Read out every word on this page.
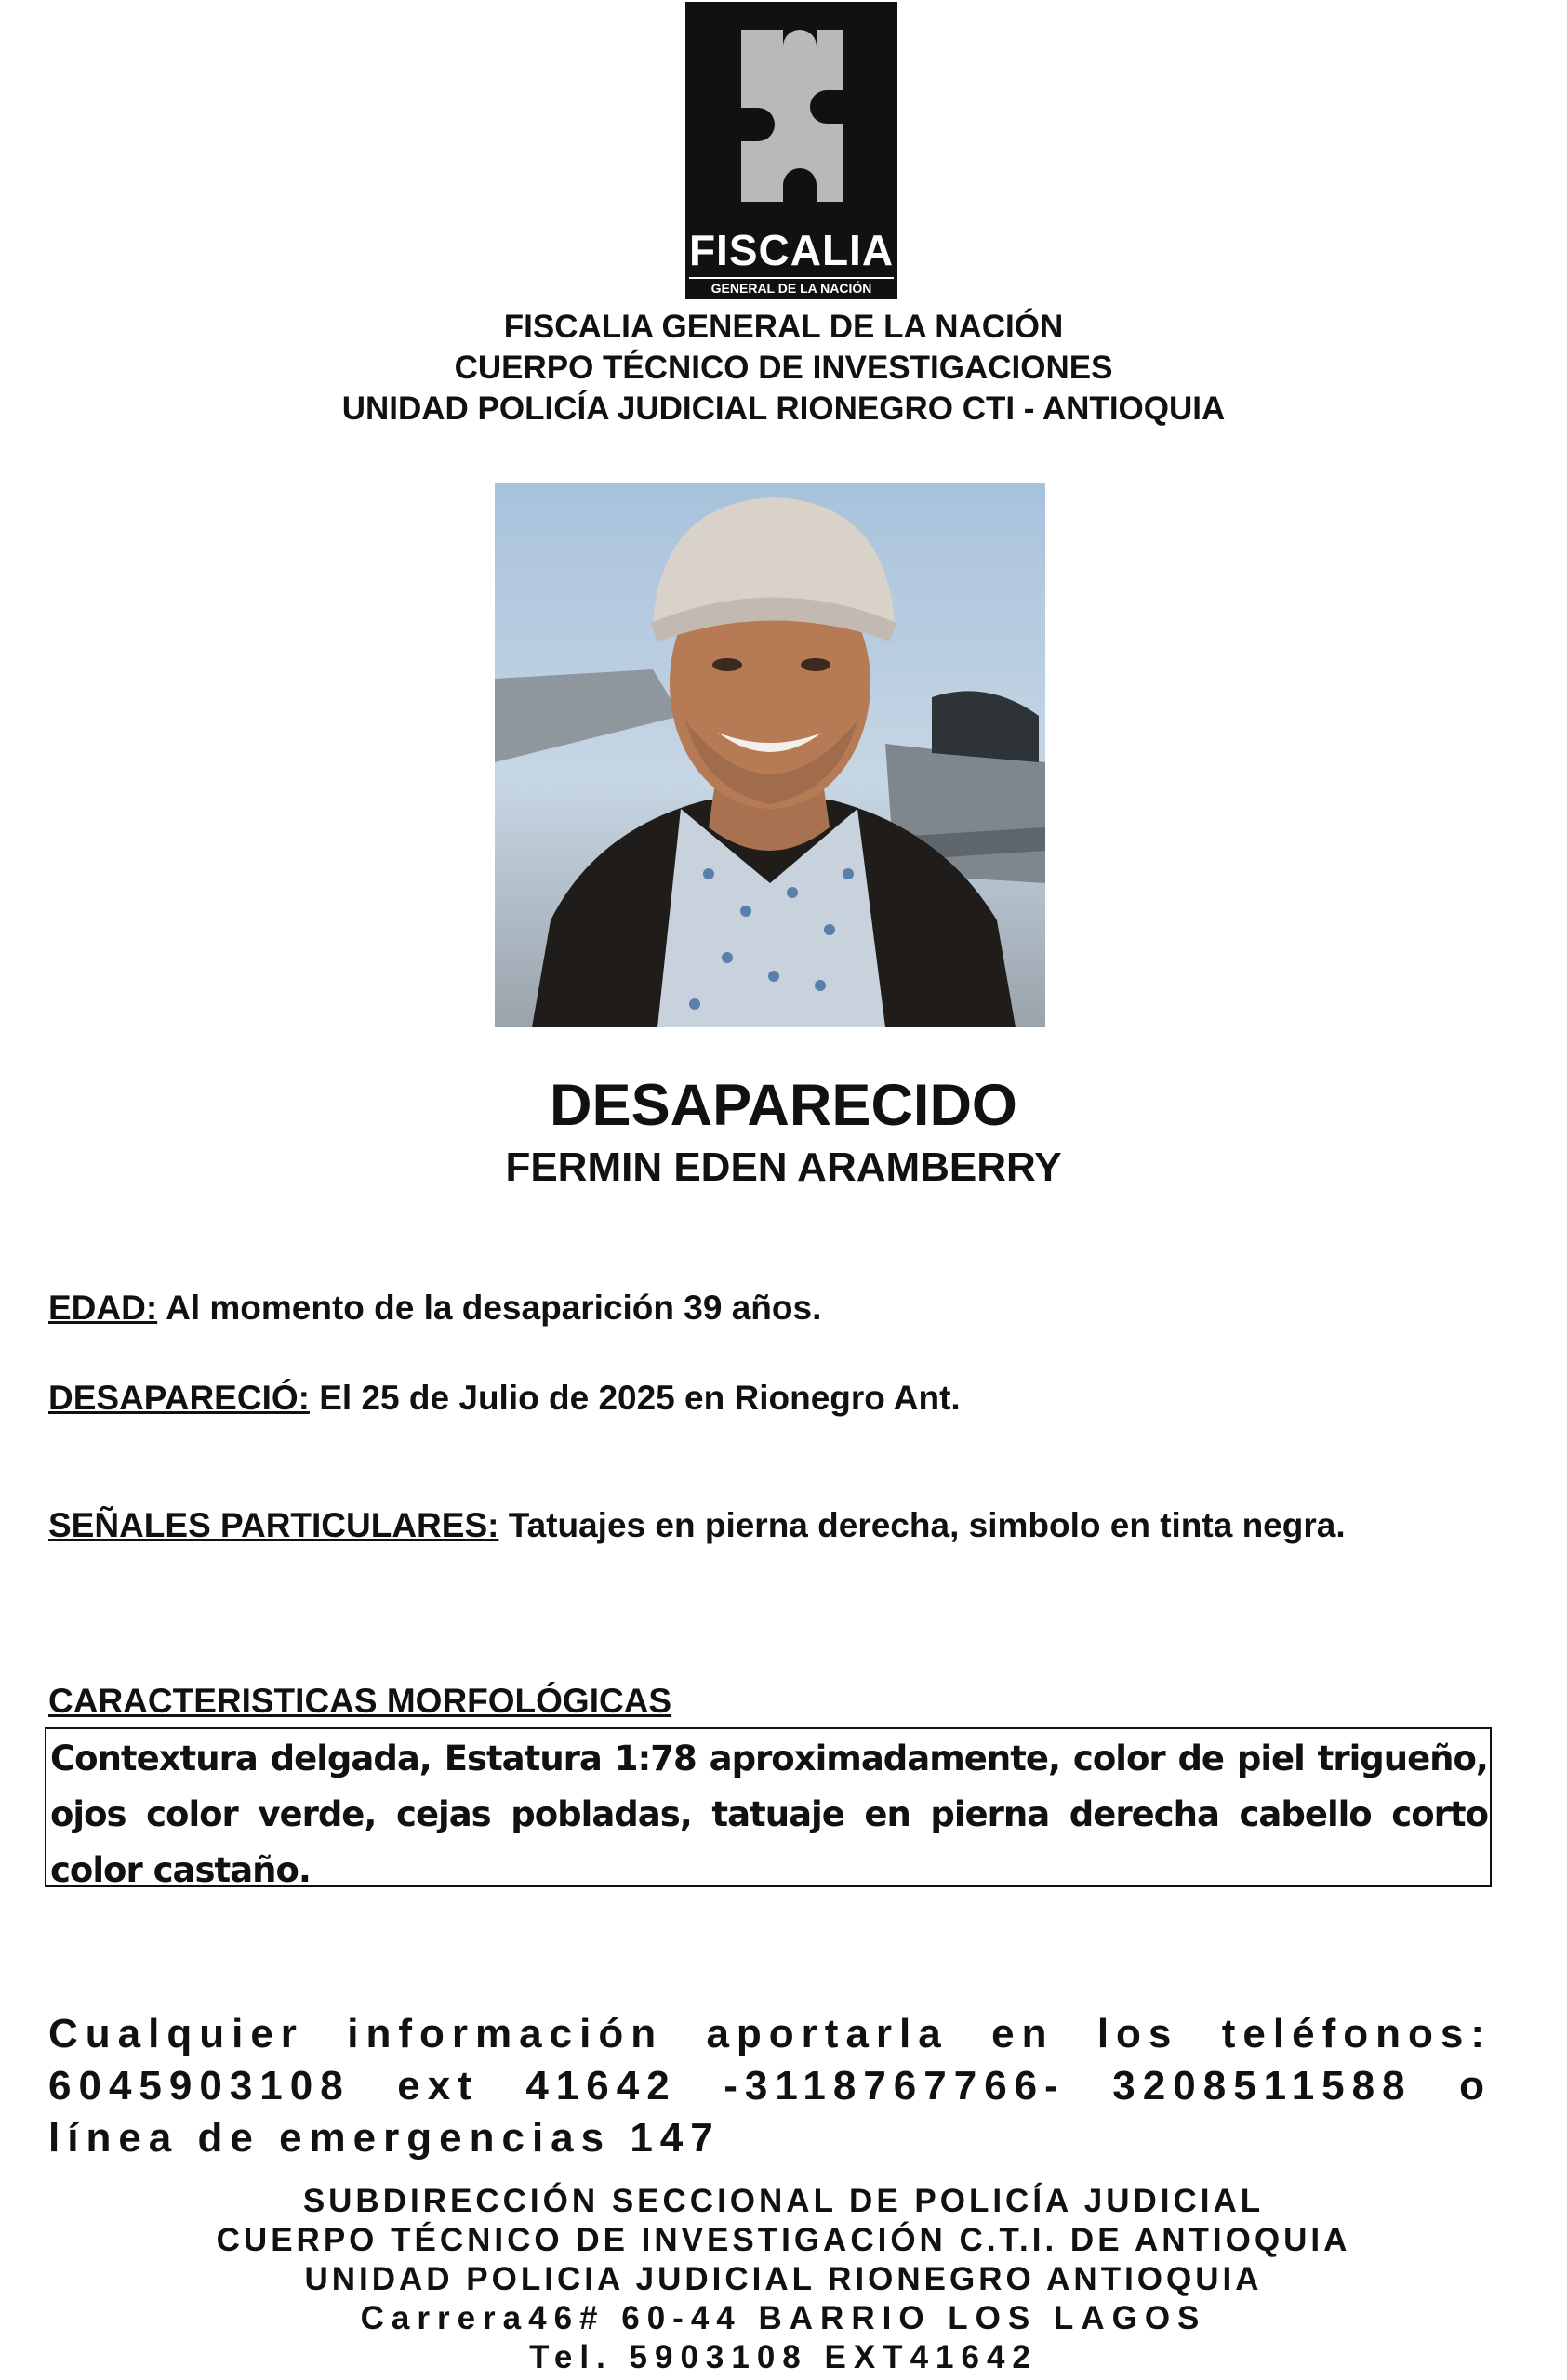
FISCALIA
GENERAL DE LA NACIÓN
FISCALIA GENERAL DE LA NACIÓN
CUERPO TÉCNICO DE INVESTIGACIONES
UNIDAD POLICÍA JUDICIAL RIONEGRO CTI - ANTIOQUIA
DESAPARECIDO
FERMIN EDEN ARAMBERRY
EDAD: Al momento de la desaparición 39 años.
DESAPARECIÓ: El 25 de Julio de 2025 en Rionegro Ant.
SEÑALES PARTICULARES: Tatuajes en pierna derecha, simbolo en tinta negra.
CARACTERISTICAS MORFOLÓGICAS
Contextura delgada, Estatura 1:78 aproximadamente, color de piel trigueño, ojos color verde, cejas pobladas, tatuaje en pierna derecha cabello corto color castaño.
Cualquier información aportarla en los teléfonos: 6045903108 ext 41642 -3118767766- 3208511588 o línea de emergencias 147
SUBDIRECCIÓN SECCIONAL DE POLICÍA JUDICIAL
CUERPO TÉCNICO DE INVESTIGACIÓN C.T.I. DE ANTIOQUIA
UNIDAD POLICIA JUDICIAL RIONEGRO ANTIOQUIA
Carrera46# 60-44 BARRIO LOS LAGOS
Tel. 5903108 EXT41642
